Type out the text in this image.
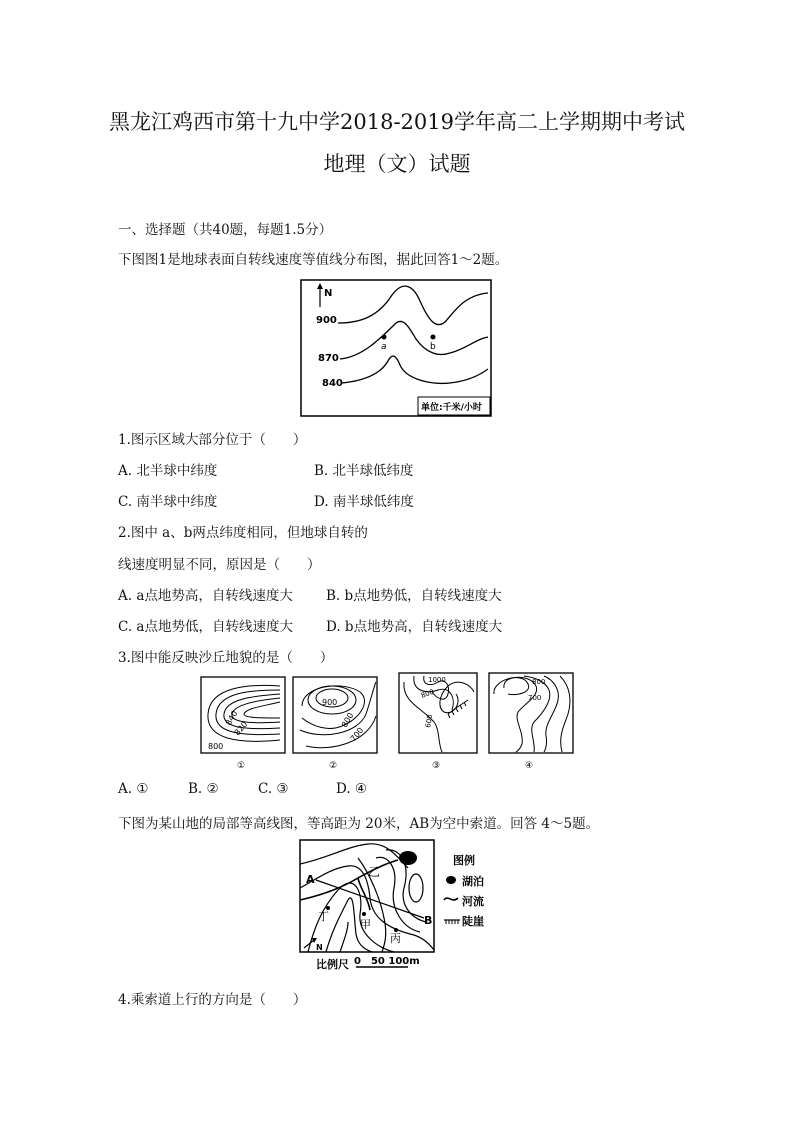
黑龙江鸡西市第十九中学2018-2019学年高二上学期期中考试
地理（文）试题
一、选择题（共40题，每题1.5分）
下图图1是地球表面自转线速度等值线分布图，据此回答1～2题。
N
900
870
840
a	b
单位:千米/小时
1.图示区域大部分位于（　　）
A. 北半球中纬度	B. 北半球低纬度
C. 南半球中纬度	D. 南半球低纬度
2.图中 a、b两点纬度相同，但地球自转的
线速度明显不同，原因是（　　）
A. a点地势高，自转线速度大 B. b点地势低，自转线速度大
C. a点地势低，自转线速度大 D. b点地势高，自转线速度大
3.图中能反映沙丘地貌的是（　　）
840
820
800
①
900
800
700
②
1000
800
600
③
800
700
④
A. ①	B. ②	C. ③	D. ④
下图为某山地的局部等高线图，等高距为 20米，AB为空中索道。回答 4～5题。
A
B
乙
甲
丙
丁
N
图例
湖泊
河流
陡崖
比例尺 0　50 100m
4.乘索道上行的方向是（　　）
